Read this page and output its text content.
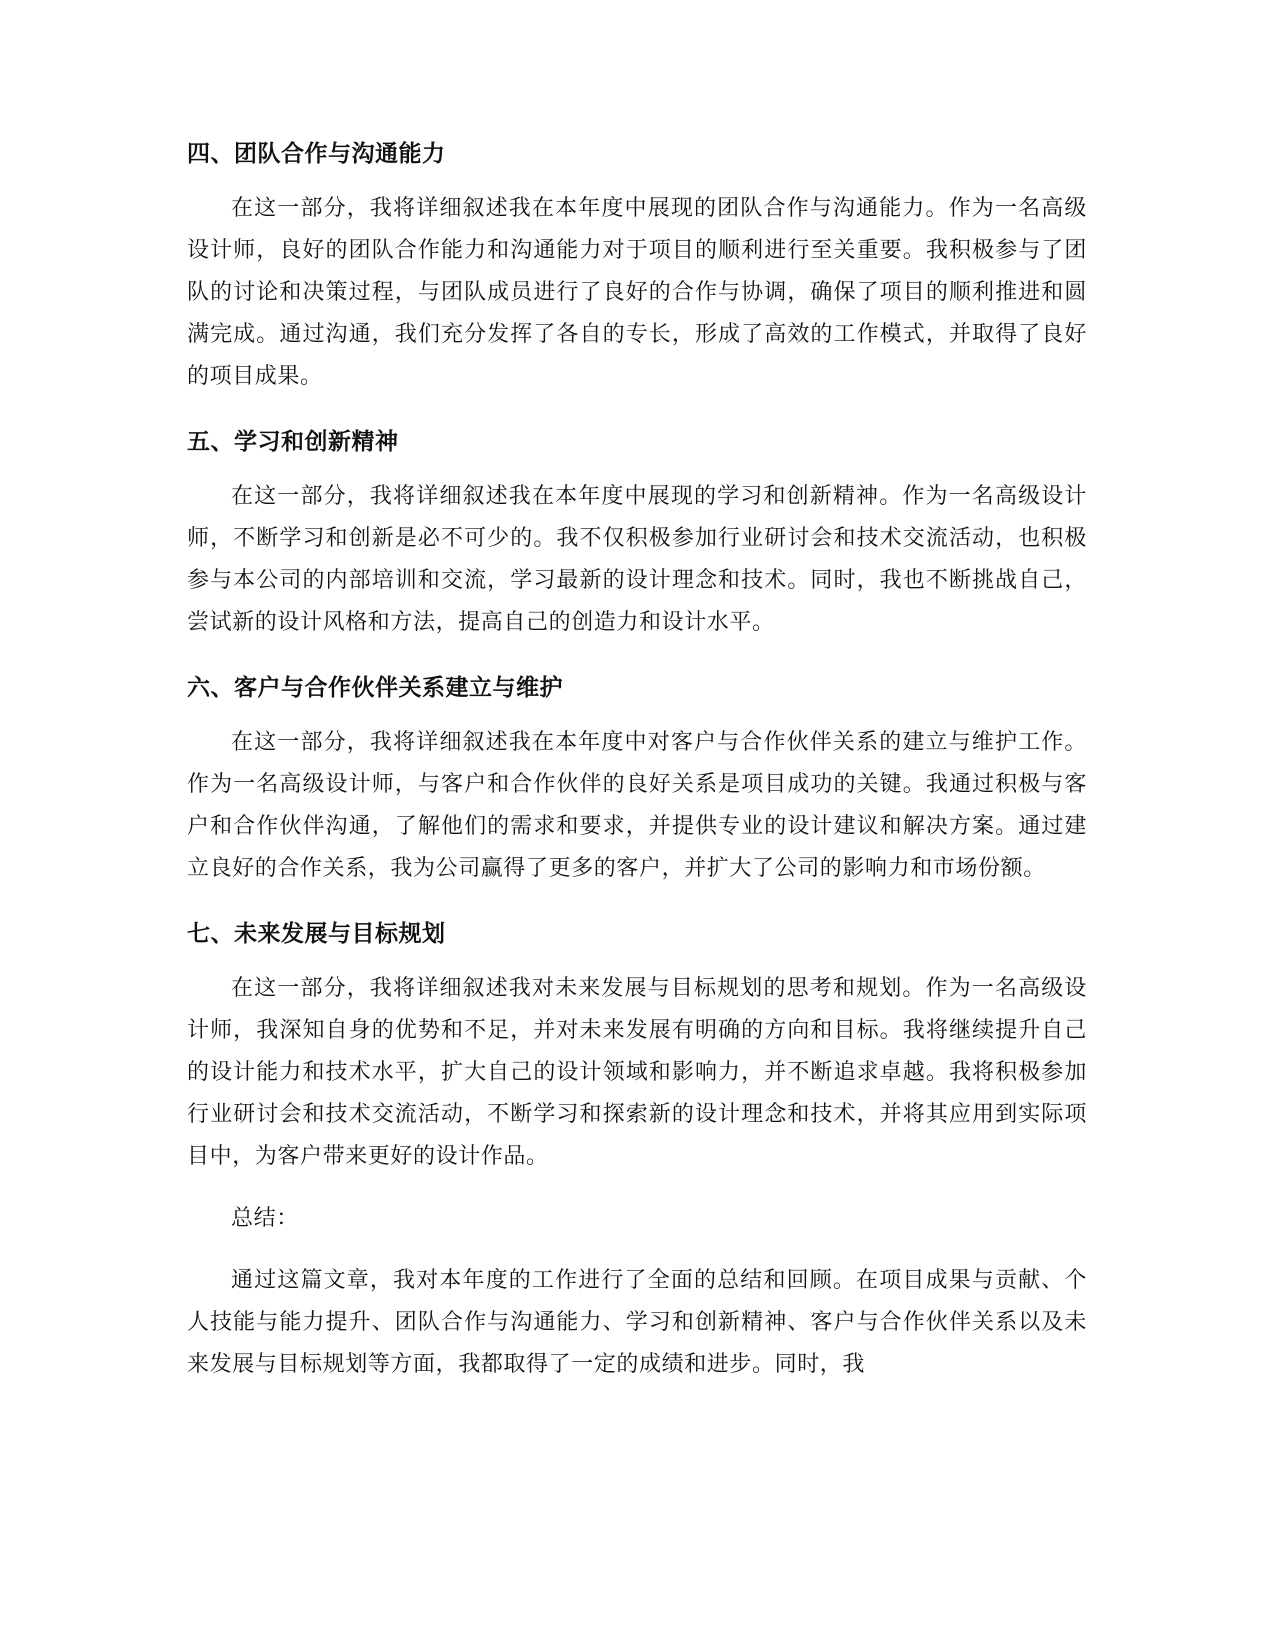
四、团队合作与沟通能力

在这一部分，我将详细叙述我在本年度中展现的团队合作与沟通能力。作为一名高级设计师，良好的团队合作能力和沟通能力对于项目的顺利进行至关重要。我积极参与了团队的讨论和决策过程，与团队成员进行了良好的合作与协调，确保了项目的顺利推进和圆满完成。通过沟通，我们充分发挥了各自的专长，形成了高效的工作模式，并取得了良好的项目成果。

五、学习和创新精神

在这一部分，我将详细叙述我在本年度中展现的学习和创新精神。作为一名高级设计师，不断学习和创新是必不可少的。我不仅积极参加行业研讨会和技术交流活动，也积极参与本公司的内部培训和交流，学习最新的设计理念和技术。同时，我也不断挑战自己，尝试新的设计风格和方法，提高自己的创造力和设计水平。

六、客户与合作伙伴关系建立与维护

在这一部分，我将详细叙述我在本年度中对客户与合作伙伴关系的建立与维护工作。作为一名高级设计师，与客户和合作伙伴的良好关系是项目成功的关键。我通过积极与客户和合作伙伴沟通，了解他们的需求和要求，并提供专业的设计建议和解决方案。通过建立良好的合作关系，我为公司赢得了更多的客户，并扩大了公司的影响力和市场份额。

七、未来发展与目标规划

在这一部分，我将详细叙述我对未来发展与目标规划的思考和规划。作为一名高级设计师，我深知自身的优势和不足，并对未来发展有明确的方向和目标。我将继续提升自己的设计能力和技术水平，扩大自己的设计领域和影响力，并不断追求卓越。我将积极参加行业研讨会和技术交流活动，不断学习和探索新的设计理念和技术，并将其应用到实际项目中，为客户带来更好的设计作品。

总结：

通过这篇文章，我对本年度的工作进行了全面的总结和回顾。在项目成果与贡献、个人技能与能力提升、团队合作与沟通能力、学习和创新精神、客户与合作伙伴关系以及未来发展与目标规划等方面，我都取得了一定的成绩和进步。同时，我
